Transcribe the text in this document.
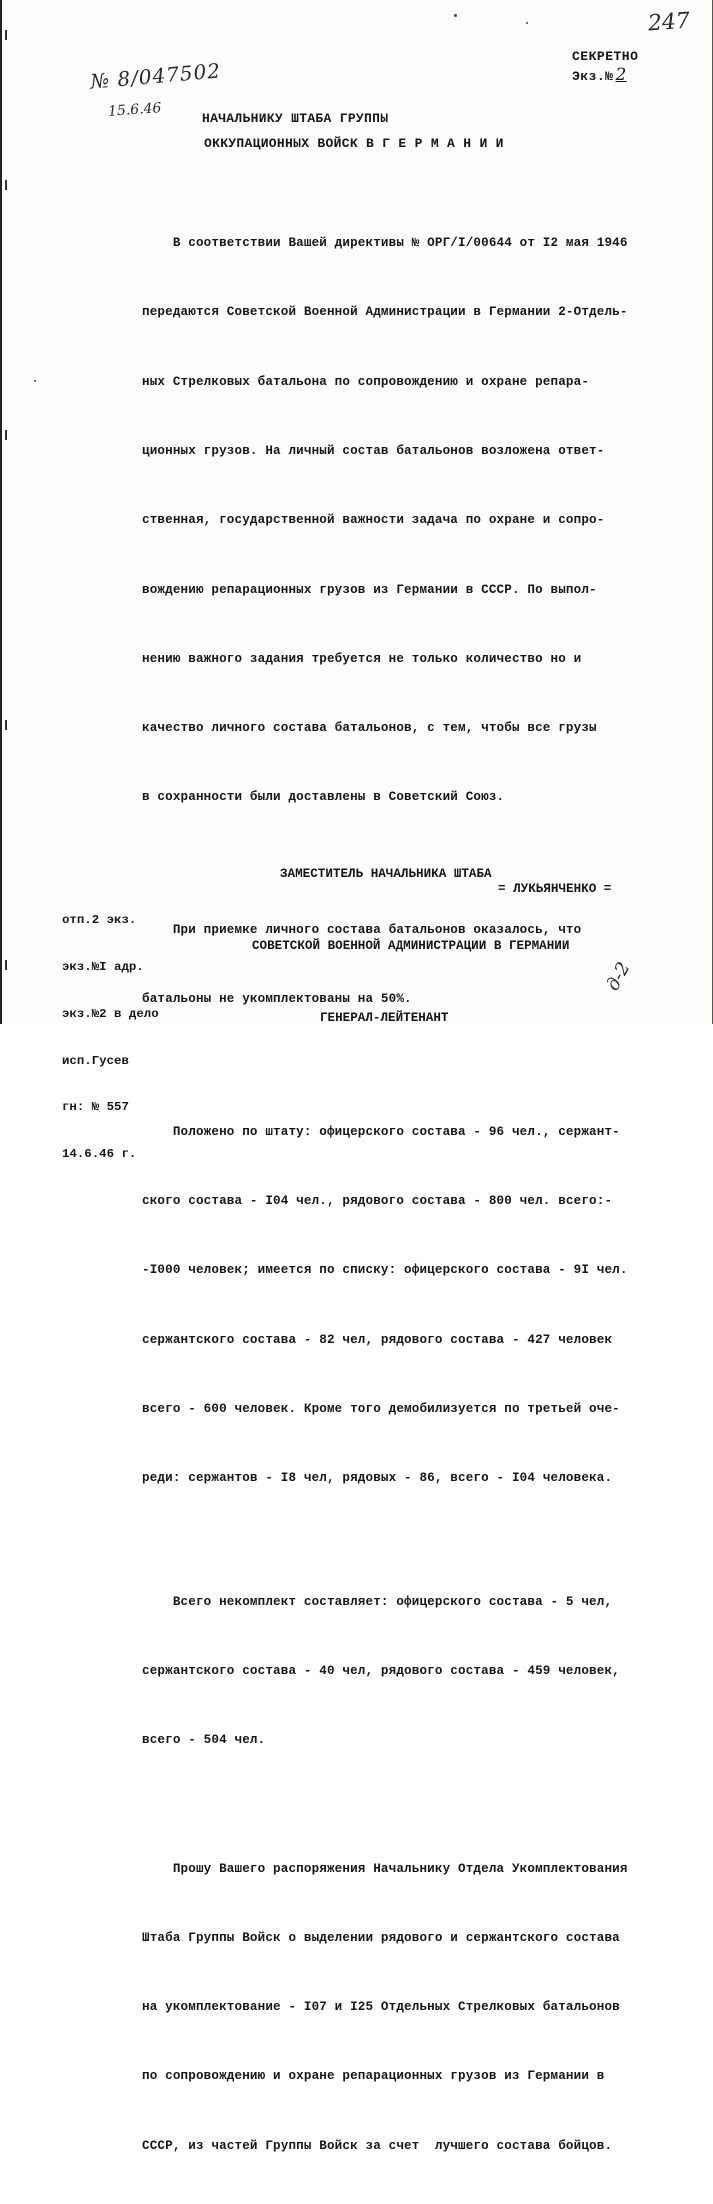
247
№ 8/047502
15.6.46
СЕКРЕТНО
Экз.№ 2
НАЧАЛЬНИКУ ШТАБА ГРУППЫ
ОККУПАЦИОННЫХ ВОЙСК В Г Е Р М А Н И И

В соответствии Вашей директивы № ОРГ/I/00644 от I2 мая 1946

передаются Советской Военной Администрации в Германии 2-Отдель-

ных Стрелковых батальона по сопровождению и охране репара-

ционных грузов. На личный состав батальонов возложена ответ-

ственная, государственной важности задача по охране и сопро-

вождению репарационных грузов из Германии в СССР. По выпол-

нению важного задания требуется не только количество но и

качество личного состава батальонов, с тем, чтобы все грузы

в сохранности были доставлены в Советский Союз.

При приемке личного состава батальонов оказалось, что

батальоны не укомплектованы на 50%.

Положено по штату: офицерского состава - 96 чел., сержант-

ского состава - I04 чел., рядового состава - 800 чел. всего:-

-I000 человек; имеется по списку: офицерского состава - 9I чел.

сержантского состава - 82 чел, рядового состава - 427 человек

всего - 600 человек. Кроме того демобилизуется по третьей оче-

реди: сержантов - I8 чел, рядовых - 86, всего - I04 человека.

Всего некомплект составляет: офицерского состава - 5 чел,

сержантского состава - 40 чел, рядового состава - 459 человек,

всего - 504 чел.

Прошу Вашего распоряжения Начальнику Отдела Укомплектования

Штаба Группы Войск о выделении рядового и сержантского состава

на укомплектование - I07 и I25 Отдельных Стрелковых батальонов

по сопровождению и охране репарационных грузов из Германии в

СССР, из частей Группы Войск за счет  лучшего состава бойцов.

ЗАМЕСТИТЕЛЬ НАЧАЛЬНИКА ШТАБА

СОВЕТСКОЙ ВОЕННОЙ АДМИНИСТРАЦИИ В ГЕРМАНИИ

ГЕНЕРАЛ-ЛЕЙТЕНАНТ

= ЛУКЬЯНЧЕНКО =

отп.2 экз.

экз.№I адр.

экз.№2 в дело

исп.Гусев

гн: № 557

14.6.46 г.

д-2
